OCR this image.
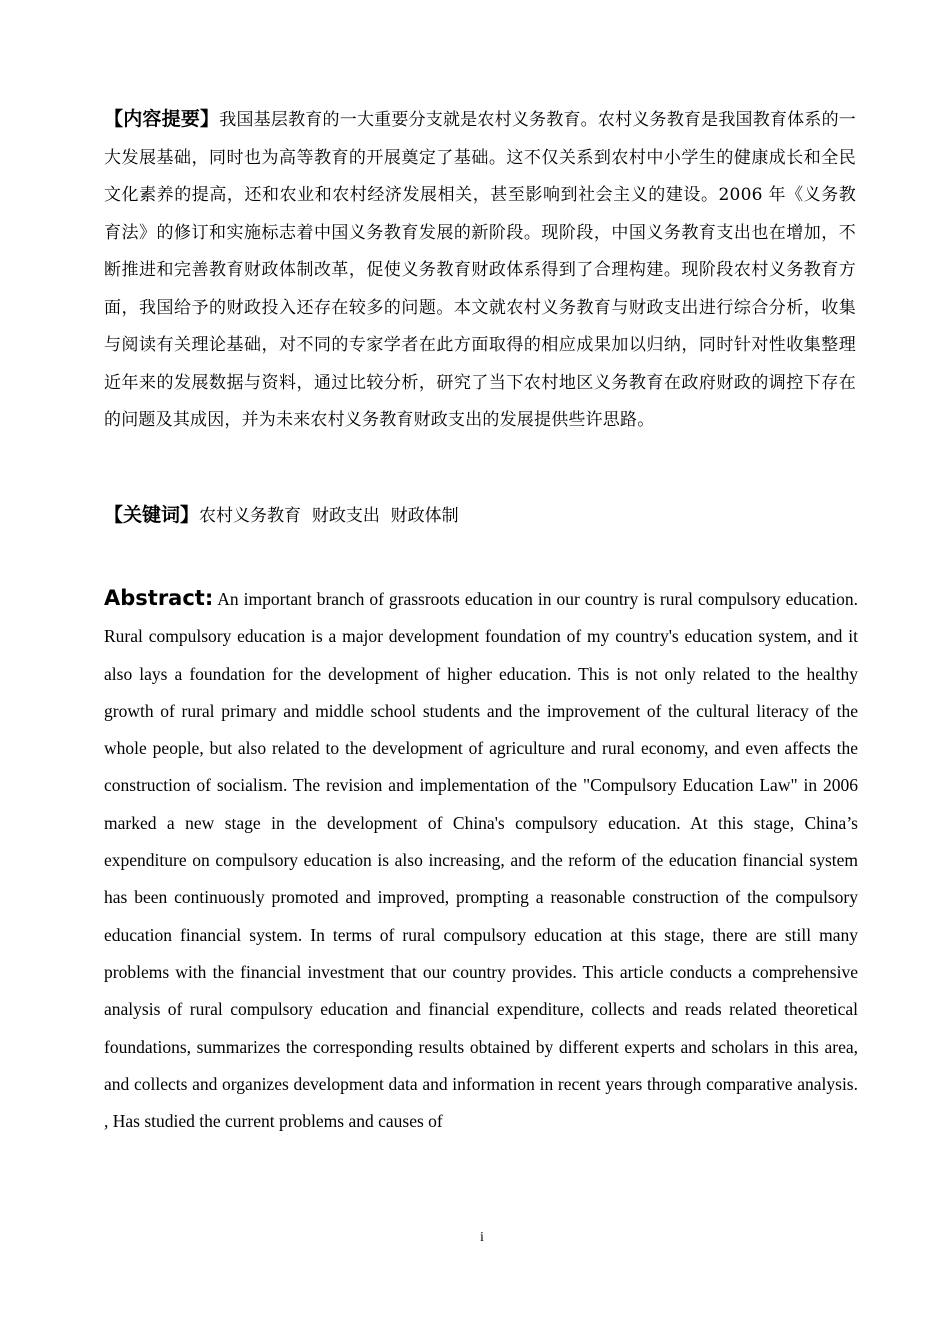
【内容提要】我国基层教育的一大重要分支就是农村义务教育。农村义务教育是我国教育体系的一大发展基础，同时也为高等教育的开展奠定了基础。这不仅关系到农村中小学生的健康成长和全民文化素养的提高，还和农业和农村经济发展相关，甚至影响到社会主义的建设。2006 年《义务教育法》的修订和实施标志着中国义务教育发展的新阶段。现阶段，中国义务教育支出也在增加，不断推进和完善教育财政体制改革，促使义务教育财政体系得到了合理构建。现阶段农村义务教育方面，我国给予的财政投入还存在较多的问题。本文就农村义务教育与财政支出进行综合分析，收集与阅读有关理论基础，对不同的专家学者在此方面取得的相应成果加以归纳，同时针对性收集整理近年来的发展数据与资料，通过比较分析，研究了当下农村地区义务教育在政府财政的调控下存在的问题及其成因，并为未来农村义务教育财政支出的发展提供些许思路。

【关键词】农村义务教育  财政支出  财政体制

Abstract: An important branch of grassroots education in our country is rural compulsory education. Rural compulsory education is a major development foundation of my country's education system, and it also lays a foundation for the development of higher education. This is not only related to the healthy growth of rural primary and middle school students and the improvement of the cultural literacy of the whole people, but also related to the development of agriculture and rural economy, and even affects the construction of socialism. The revision and implementation of the "Compulsory Education Law" in 2006 marked a new stage in the development of China's compulsory education. At this stage, China’s expenditure on compulsory education is also increasing, and the reform of the education financial system has been continuously promoted and improved, prompting a reasonable construction of the compulsory education financial system. In terms of rural compulsory education at this stage, there are still many problems with the financial investment that our country provides. This article conducts a comprehensive analysis of rural compulsory education and financial expenditure, collects and reads related theoretical foundations, summarizes the corresponding results obtained by different experts and scholars in this area, and collects and organizes development data and information in recent years through comparative analysis. , Has studied the current problems and causes of

i
